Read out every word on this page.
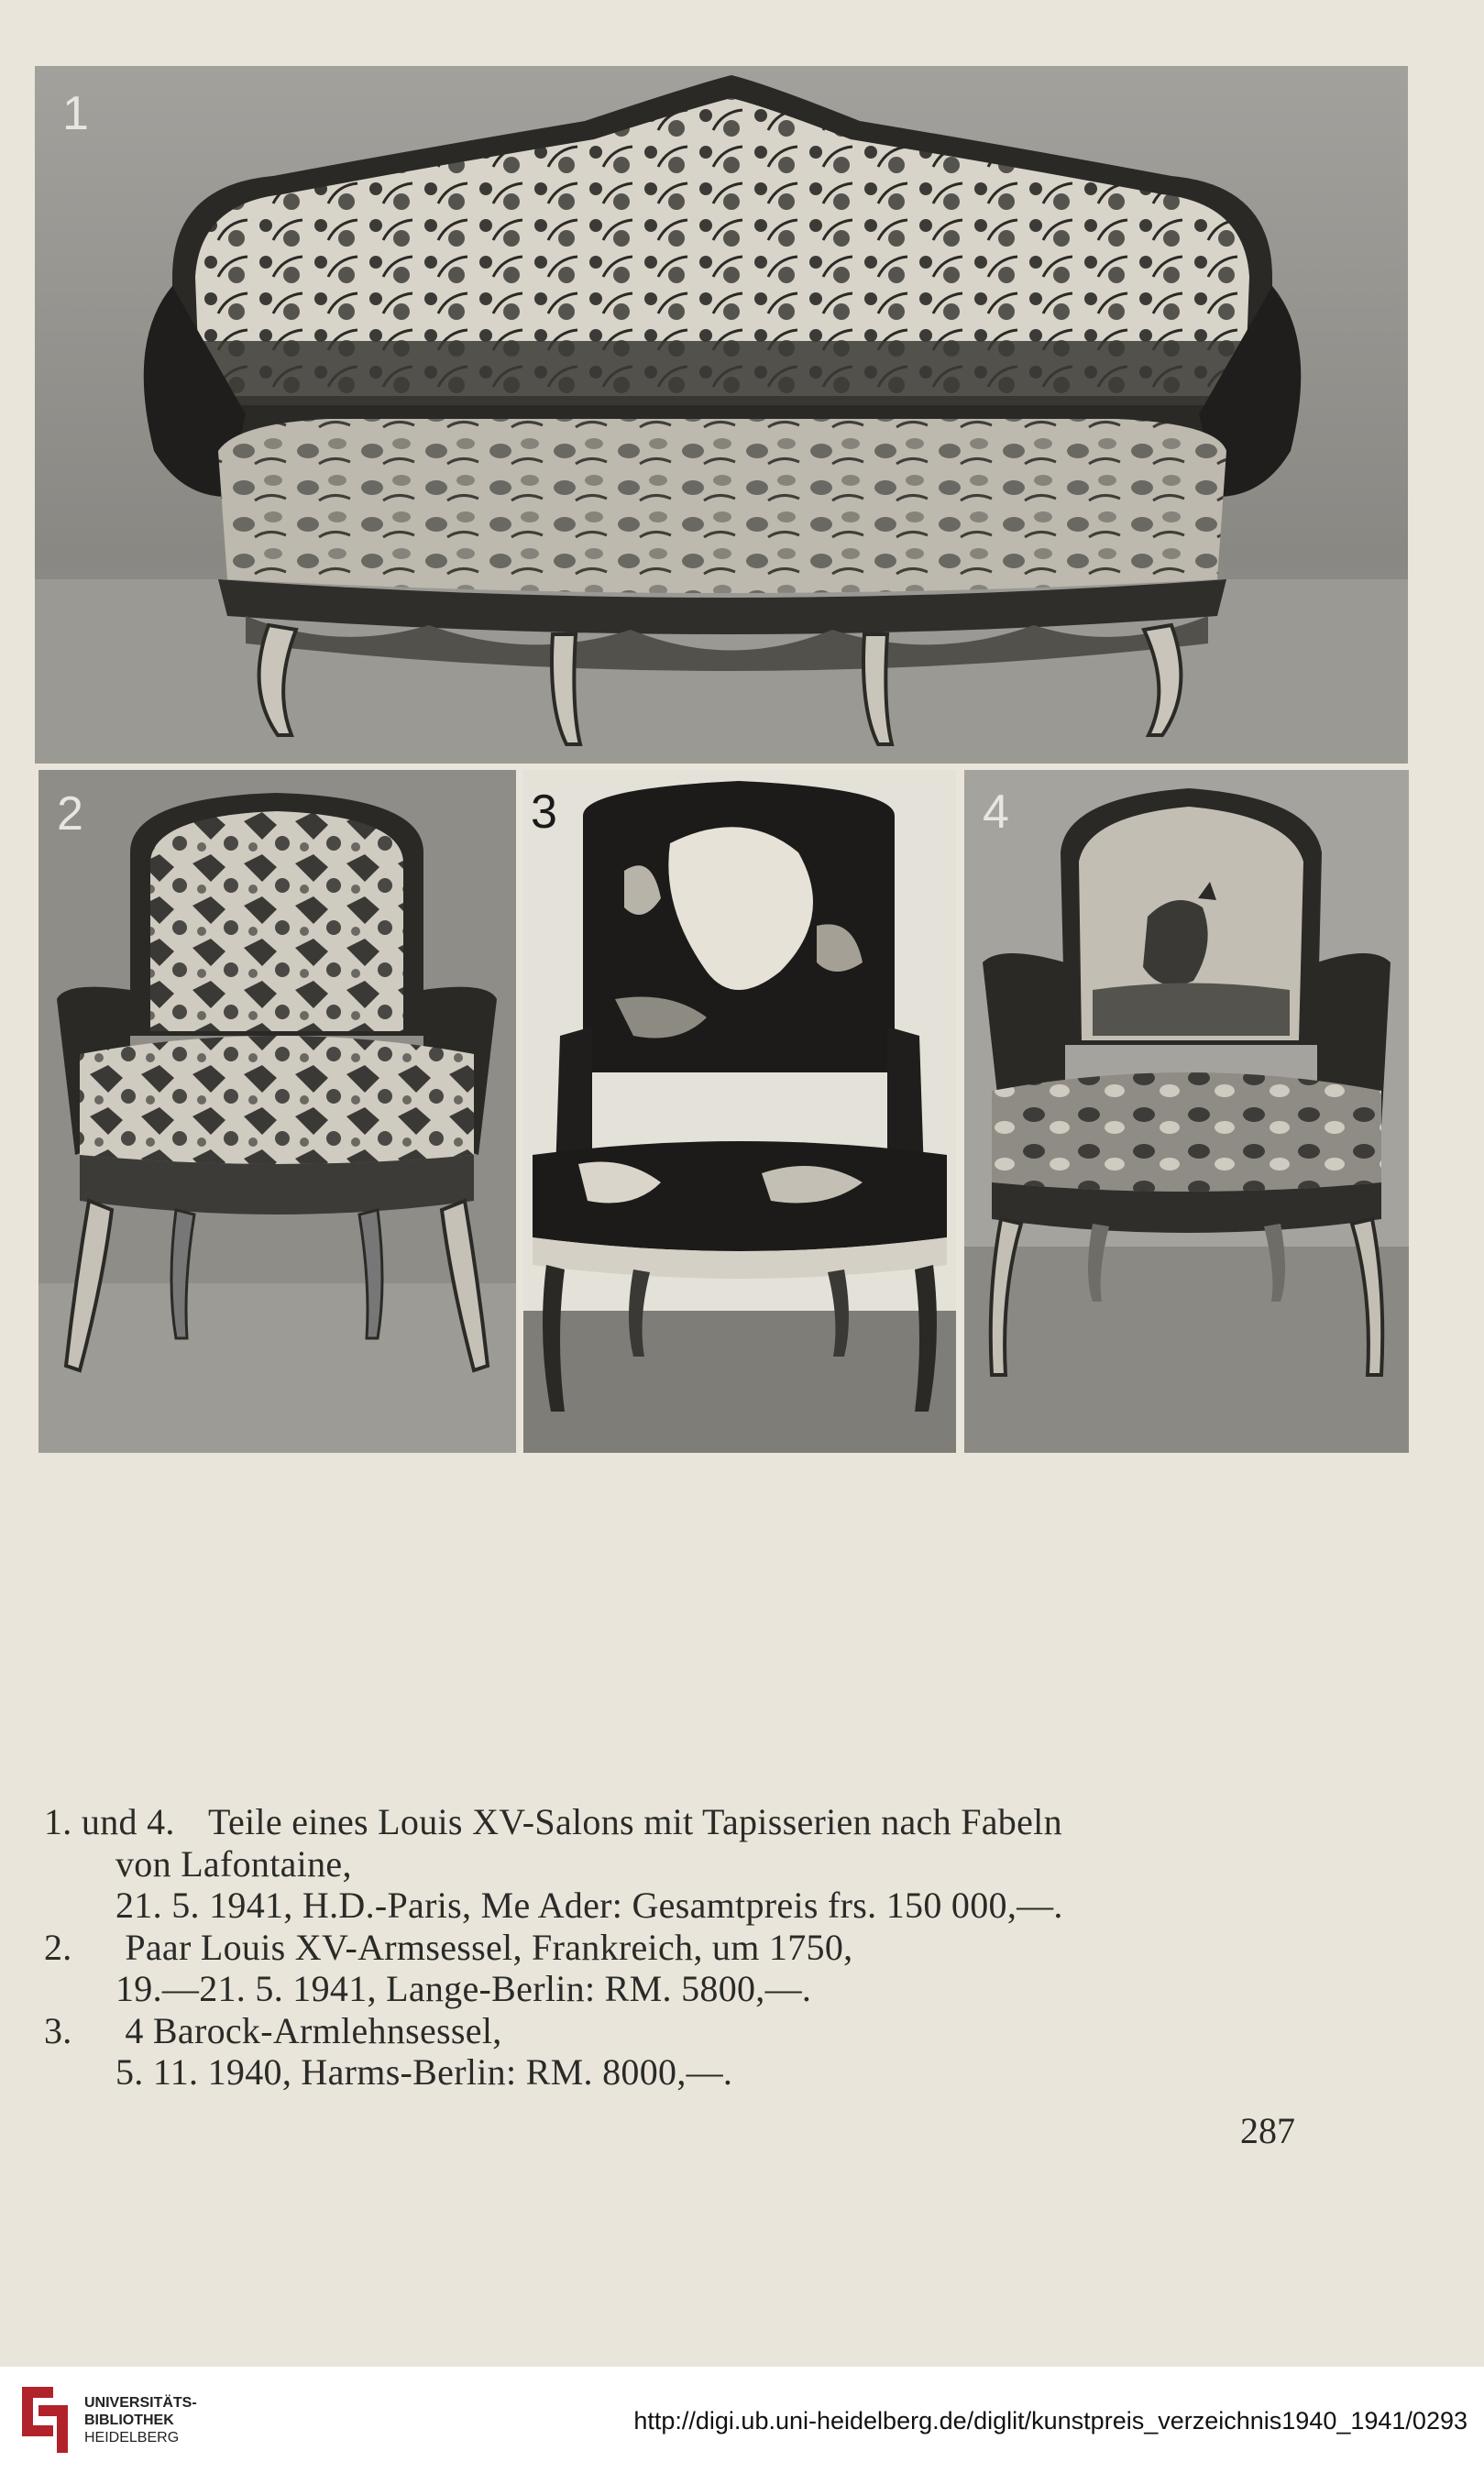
1
2	3	4
1. und 4. Teile eines Louis XV-Salons mit Tapisserien nach Fabeln
von Lafontaine,
21. 5. 1941, H.D.-Paris, Me Ader: Gesamtpreis frs. 150 000,—.
2. Paar Louis XV-Armsessel, Frankreich, um 1750,
19.—21. 5. 1941, Lange-Berlin: RM. 5800,—.
3. 4 Barock-Armlehnsessel,
5. 11. 1940, Harms-Berlin: RM. 8000,—.
287
UNIVERSITÄTS-
BIBLIOTHEK
HEIDELBERG
http://digi.ub.uni-heidelberg.de/diglit/kunstpreis_verzeichnis1940_1941/0293
